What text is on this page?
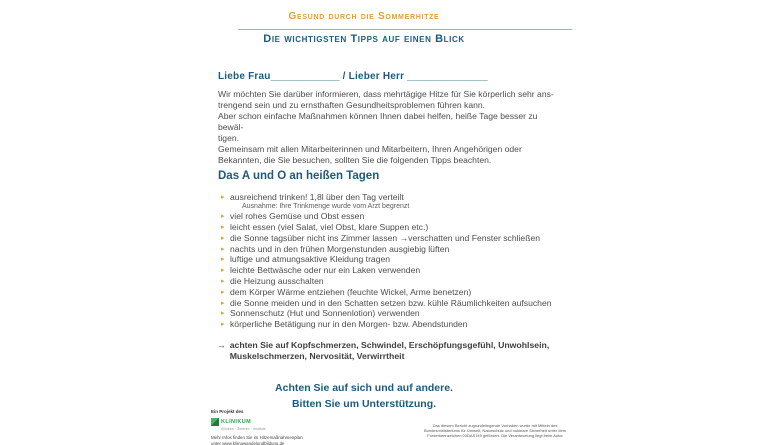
Gesund durch die Sommerhitze
Die wichtigsten Tipps auf einen Blick
Liebe Frau____________ / Lieber Herr ______________
Wir möchten Sie darüber informieren, dass mehrtägige Hitze für Sie körperlich sehr ans-
trengend sein und zu ernsthaften Gesundheitsproblemen führen kann.
Aber schon einfache Maßnahmen können Ihnen dabei helfen, heiße Tage besser zu bewäl-
tigen.
Gemeinsam mit allen Mitarbeiterinnen und Mitarbeitern, Ihren Angehörigen oder
Bekannten, die Sie besuchen, sollten Sie die folgenden Tipps beachten.
Das A und O an heißen Tagen
▸ ausreichend trinken! 1,8l über den Tag verteilt
Ausnahme: Ihre Trinkmenge wurde vom Arzt begrenzt
▸ viel rohes Gemüse und Obst essen
▸ leicht essen (viel Salat, viel Obst, klare Suppen etc.)
▸ die Sonne tagsüber nicht ins Zimmer lassen →verschatten und Fenster schließen
▸ nachts und in den frühen Morgenstunden ausgiebig lüften
▸ luftige und atmungsaktive Kleidung tragen
▸ leichte Bettwäsche oder nur ein Laken verwenden
▸ die Heizung ausschalten
▸ dem Körper Wärme entziehen (feuchte Wickel, Arme benetzen)
▸ die Sonne meiden und in den Schatten setzen bzw. kühle Räumlichkeiten aufsuchen
▸ Sonnenschutz (Hut und Sonnenlotion) verwenden
▸ körperliche Betätigung nur in den Morgen- bzw. Abendstunden
→ achten Sie auf Kopfschmerzen, Schwindel, Erschöpfungsgefühl, Unwohlsein,
Muskelschmerzen, Nervosität, Verwirrtheit
Achten Sie auf sich und auf andere.
Bitten Sie um Unterstützung.
Ein Projekt des
KLINIKUM
Kliniken · Zentren · Institute
Mehr Infos finden Sie im Hitzemaßnahmenplan
unter www.klimawandelundbildung.de
Das diesem Bericht zugrundeliegende Vorhaben wurde mit Mitteln des
Bundesministeriums für Umwelt, Naturschutz und nukleare Sicherheit unter dem
Förderkennzeichen 03DAS149 gefördert. Die Verantwortung liegt beim Autor
